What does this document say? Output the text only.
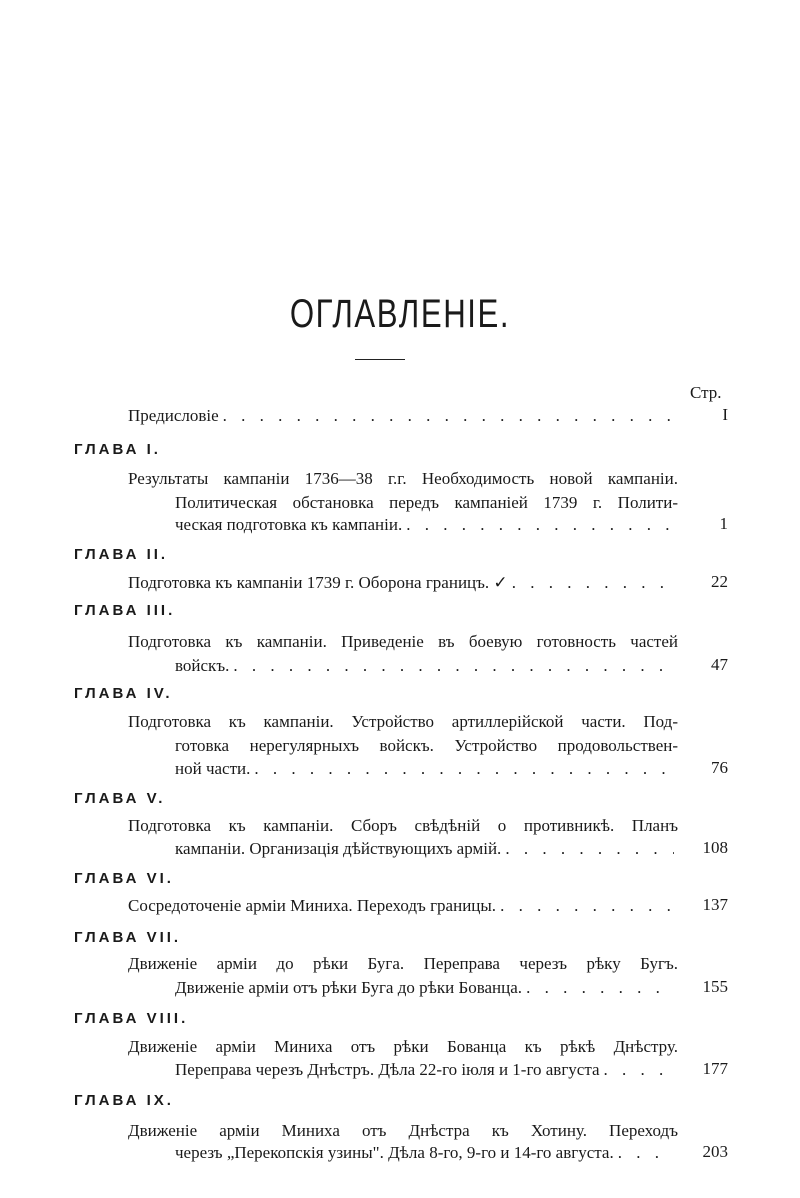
ОГЛАВЛЕНІЕ.
Стр.
Предисловіе . . .	I
ГЛАВА I.
Результаты кампаніи 1736—38 г.г. Необходимость новой кампаніи.
Политическая обстановка передъ кампаніей 1739 г. Полити-
1
ческая подготовка къ кампаніи.
. . .
ГЛАВА II.
22
Подготовка къ кампаніи 1739 г. Оборона границъ. ✓
. . .
ГЛАВА III.
Подготовка къ кампаніи. Приведеніе въ боевую готовность частей
47
войскъ.
. . .
ГЛАВА IV.
Подготовка къ кампаніи. Устройство артиллерійской части. Под-
готовка нерегулярныхъ войскъ. Устройство продовольствен-
76
ной части.
. . .
ГЛАВА V.
Подготовка къ кампаніи. Сборъ свѣдѣній о противникѣ. Планъ
108
кампаніи. Организація дѣйствующихъ армій.
. . .
ГЛАВА VI.
137
Сосредоточеніе арміи Миниха. Переходъ границы.
. . .
ГЛАВА VII.
Движеніе арміи до рѣки Буга. Переправа черезъ рѣку Бугъ.
155
Движеніе арміи отъ рѣки Буга до рѣки Бованца.
. . .
ГЛАВА VIII.
Движеніе арміи Миниха отъ рѣки Бованца къ рѣкѣ Днѣстру.
177
Переправа черезъ Днѣстръ. Дѣла 22-го іюля и 1-го августа
. . .
ГЛАВА IX.
Движеніе арміи Миниха отъ Днѣстра къ Хотину. Переходъ
203
черезъ „Перекопскія узины". Дѣла 8-го, 9-го и 14-го августа.
. . .
